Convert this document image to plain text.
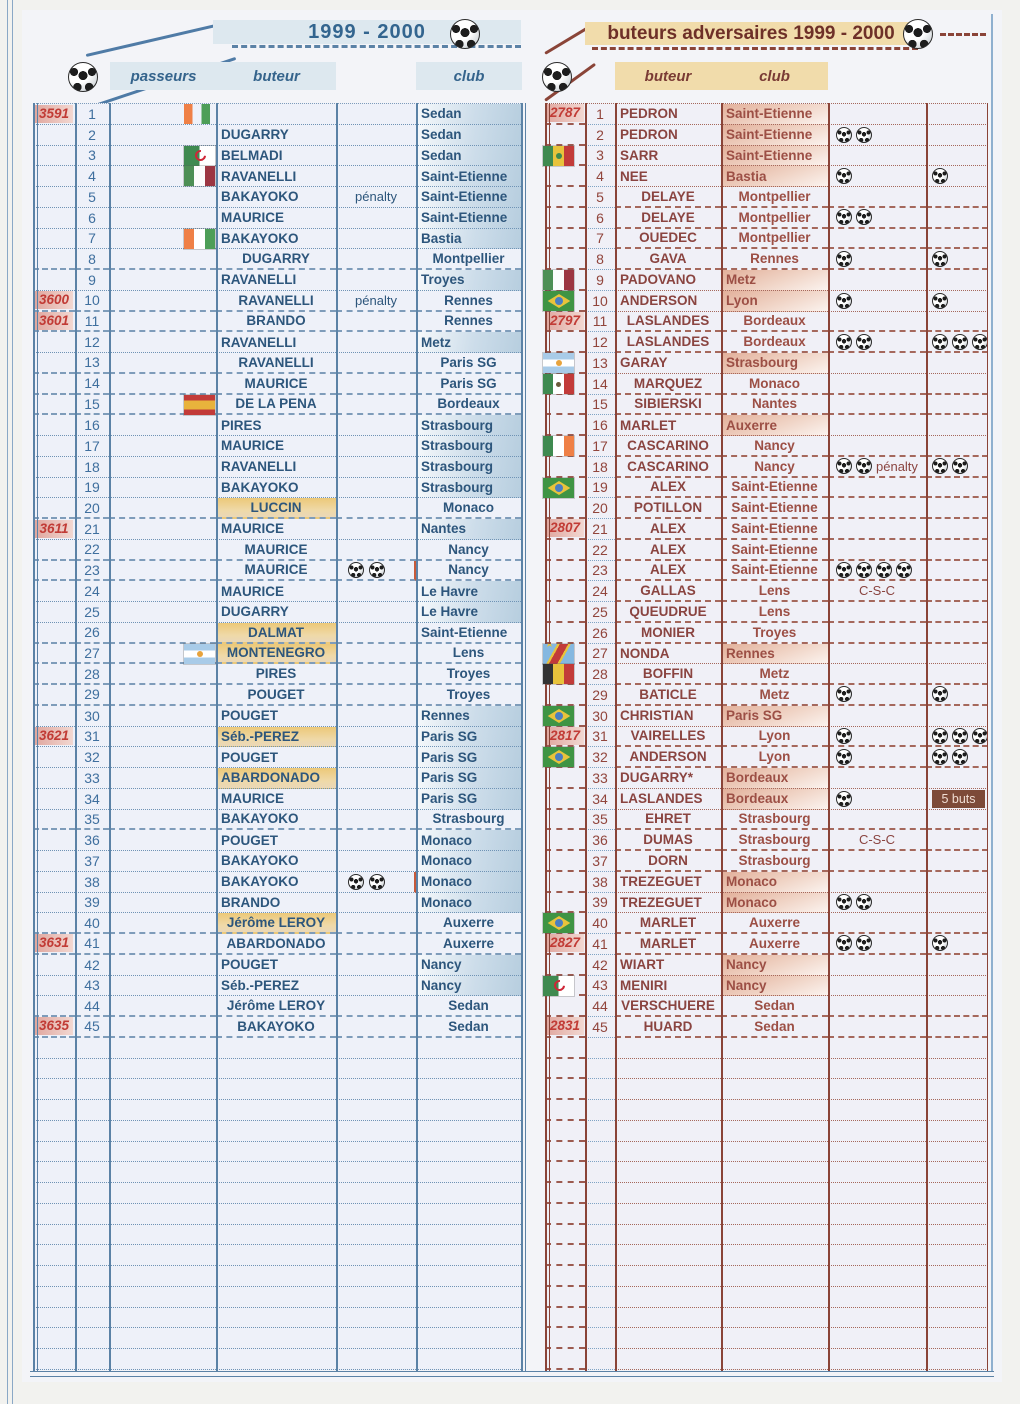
1999 - 2000
passeurs	buteur	club
buteurs adversaires 1999 - 2000
buteur	club
3591	1	Sedan
2	DUGARRY	Sedan
3	BELMADI	Sedan
4	RAVANELLI	Saint-Etienne
5	BAKAYOKO	pénalty	Saint-Etienne
6	MAURICE	Saint-Etienne
7	BAKAYOKO	Bastia
8	DUGARRY	Montpellier
9	RAVANELLI	Troyes
3600	10	RAVANELLI	pénalty	Rennes
3601	11	BRANDO	Rennes
12	RAVANELLI	Metz
13	RAVANELLI	Paris SG
14	MAURICE	Paris SG
15	DE LA PENA	Bordeaux
16	PIRES	Strasbourg
17	MAURICE	Strasbourg
18	RAVANELLI	Strasbourg
19	BAKAYOKO	Strasbourg
20	LUCCIN	Monaco
3611	21	MAURICE	Nantes
22	MAURICE	Nancy
23	MAURICE	Nancy
24	MAURICE	Le Havre
25	DUGARRY	Le Havre
26	DALMAT	Saint-Etienne
27	MONTENEGRO	Lens
28	PIRES	Troyes
29	POUGET	Troyes
30	POUGET	Rennes
3621	31	Séb.-PEREZ	Paris SG
32	POUGET	Paris SG
33	ABARDONADO	Paris SG
34	MAURICE	Paris SG
35	BAKAYOKO	Strasbourg
36	POUGET	Monaco
37	BAKAYOKO	Monaco
38	BAKAYOKO	Monaco
39	BRANDO	Monaco
40	Jérôme LEROY	Auxerre
3631	41	ABARDONADO	Auxerre
42	POUGET	Nancy
43	Séb.-PEREZ	Nancy
44	Jérôme LEROY	Sedan
3635	45	BAKAYOKO	Sedan
2787	1	PEDRON	Saint-Etienne
2	PEDRON	Saint-Etienne
3	SARR	Saint-Etienne
4	NEE	Bastia
5	DELAYE	Montpellier
6	DELAYE	Montpellier
7	OUEDEC	Montpellier
8	GAVA	Rennes
9	PADOVANO	Metz
10 ANDERSON	Lyon
2797 11	LASLANDES	Bordeaux
12	LASLANDES	Bordeaux
13 GARAY	Strasbourg
14	MARQUEZ	Monaco
15	SIBIERSKI	Nantes
16 MARLET	Auxerre
17	CASCARINO	Nancy
18	CASCARINO	Nancy	pénalty
19	ALEX	Saint-Etienne
20	POTILLON	Saint-Etienne
2807 21	ALEX	Saint-Etienne
22	ALEX	Saint-Etienne
23	ALEX	Saint-Etienne
24	GALLAS	Lens	C-S-C
25	QUEUDRUE	Lens
26	MONIER	Troyes
★
27 NONDA	Rennes
28	BOFFIN	Metz
29	BATICLE	Metz
30 CHRISTIAN	Paris SG
2817 31	VAIRELLES	Lyon
32	ANDERSON	Lyon
33 DUGARRY*	Bordeaux
34 LASLANDES	Bordeaux	5 buts
35	EHRET	Strasbourg
36	DUMAS	Strasbourg	C-S-C
37	DORN	Strasbourg
38 TREZEGUET	Monaco
39 TREZEGUET	Monaco
40	MARLET	Auxerre
2827 41	MARLET	Auxerre
42 WIART	Nancy
43 MENIRI	Nancy
44 VERSCHUERE	Sedan
2831 45	HUARD	Sedan
